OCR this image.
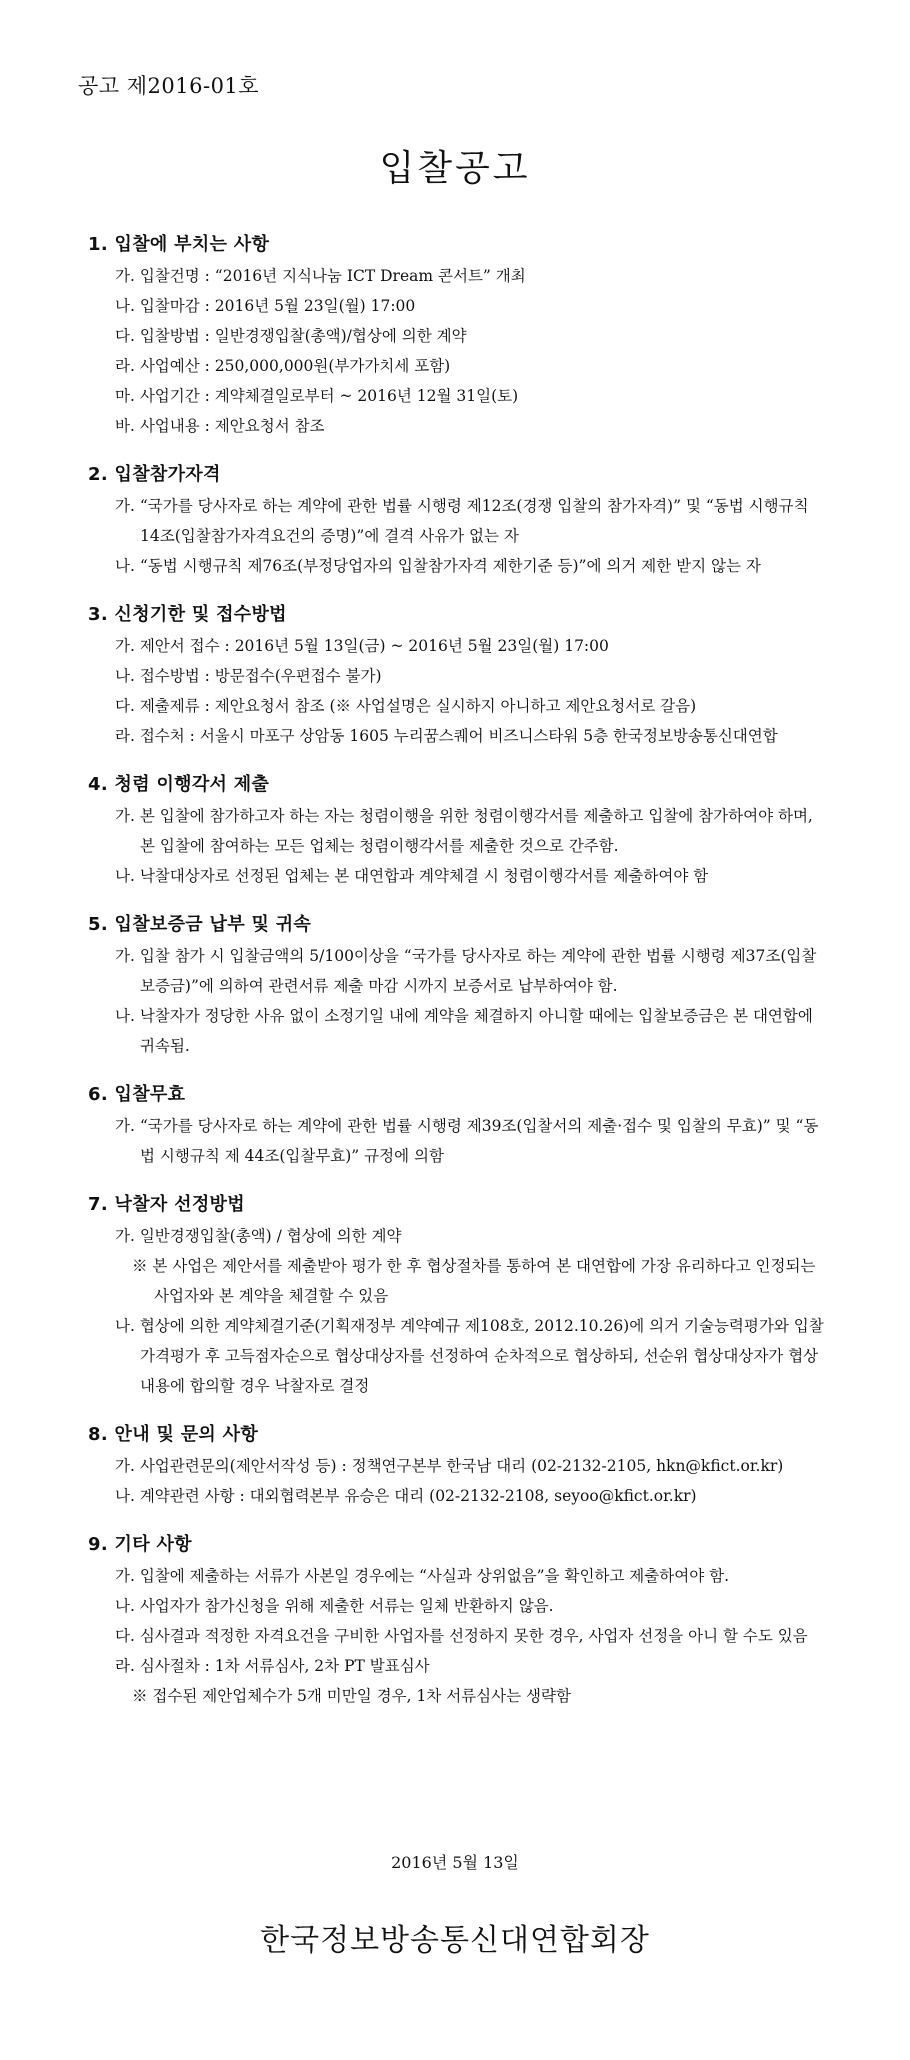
공고 제2016-01호
입찰공고
1. 입찰에 부치는 사항
가. 입찰건명 : “2016년 지식나눔 ICT Dream 콘서트” 개최
나. 입찰마감 : 2016년 5월 23일(월) 17:00
다. 입찰방법 : 일반경쟁입찰(총액)/협상에 의한 계약
라. 사업예산 : 250,000,000원(부가가치세 포함)
마. 사업기간 : 계약체결일로부터 ~ 2016년 12월 31일(토)
바. 사업내용 : 제안요청서 참조
2. 입찰참가자격
가. “국가를 당사자로 하는 계약에 관한 법률 시행령 제12조(경쟁 입찰의 참가자격)” 및 “동법 시행규칙 14조(입찰참가자격요건의 증명)”에 결격 사유가 없는 자
나. “동법 시행규칙 제76조(부정당업자의 입찰참가자격 제한기준 등)”에 의거 제한 받지 않는 자
3. 신청기한 및 접수방법
가. 제안서 접수 : 2016년 5월 13일(금) ~ 2016년 5월 23일(월) 17:00
나. 접수방법 : 방문접수(우편접수 불가)
다. 제출제류 : 제안요청서 참조 (※ 사업설명은 실시하지 아니하고 제안요청서로 갈음)
라. 접수처 : 서울시 마포구 상암동 1605 누리꿈스퀘어 비즈니스타워 5층 한국정보방송통신대연합
4. 청렴 이행각서 제출
가. 본 입찰에 참가하고자 하는 자는 청렴이행을 위한 청렴이행각서를 제출하고 입찰에 참가하여야 하며, 본 입찰에 참여하는 모든 업체는 청렴이행각서를 제출한 것으로 간주함.
나. 낙찰대상자로 선정된 업체는 본 대연합과 계약체결 시 청렴이행각서를 제출하여야 함
5. 입찰보증금 납부 및 귀속
가. 입찰 참가 시 입찰금액의 5/100이상을 “국가를 당사자로 하는 계약에 관한 법률 시행령 제37조(입찰보증금)”에 의하여 관련서류 제출 마감 시까지 보증서로 납부하여야 함.
나. 낙찰자가 정당한 사유 없이 소정기일 내에 계약을 체결하지 아니할 때에는 입찰보증금은 본 대연합에 귀속됨.
6. 입찰무효
가. “국가를 당사자로 하는 계약에 관한 법률 시행령 제39조(입찰서의 제출·접수 및 입찰의 무효)” 및 “동법 시행규칙 제 44조(입찰무효)” 규정에 의함
7. 낙찰자 선정방법
가. 일반경쟁입찰(총액) / 협상에 의한 계약
※ 본 사업은 제안서를 제출받아 평가 한 후 협상절차를 통하여 본 대연합에 가장 유리하다고 인정되는 사업자와 본 계약을 체결할 수 있음
나. 협상에 의한 계약체결기준(기획재정부 계약예규 제108호, 2012.10.26)에 의거 기술능력평가와 입찰가격평가 후 고득점자순으로 협상대상자를 선정하여 순차적으로 협상하되, 선순위 협상대상자가 협상내용에 합의할 경우 낙찰자로 결정
8. 안내 및 문의 사항
가. 사업관련문의(제안서작성 등) : 정책연구본부 한국남 대리 (02-2132-2105, hkn@kfict.or.kr)
나. 계약관련 사항 : 대외협력본부 유승은 대리 (02-2132-2108, seyoo@kfict.or.kr)
9. 기타 사항
가. 입찰에 제출하는 서류가 사본일 경우에는 “사실과 상위없음”을 확인하고 제출하여야 함.
나. 사업자가 참가신청을 위해 제출한 서류는 일체 반환하지 않음.
다. 심사결과 적정한 자격요건을 구비한 사업자를 선정하지 못한 경우, 사업자 선정을 아니 할 수도 있음
라. 심사절차 : 1차 서류심사, 2차 PT 발표심사
※ 접수된 제안업체수가 5개 미만일 경우, 1차 서류심사는 생략함
2016년 5월 13일
한국정보방송통신대연합회장
